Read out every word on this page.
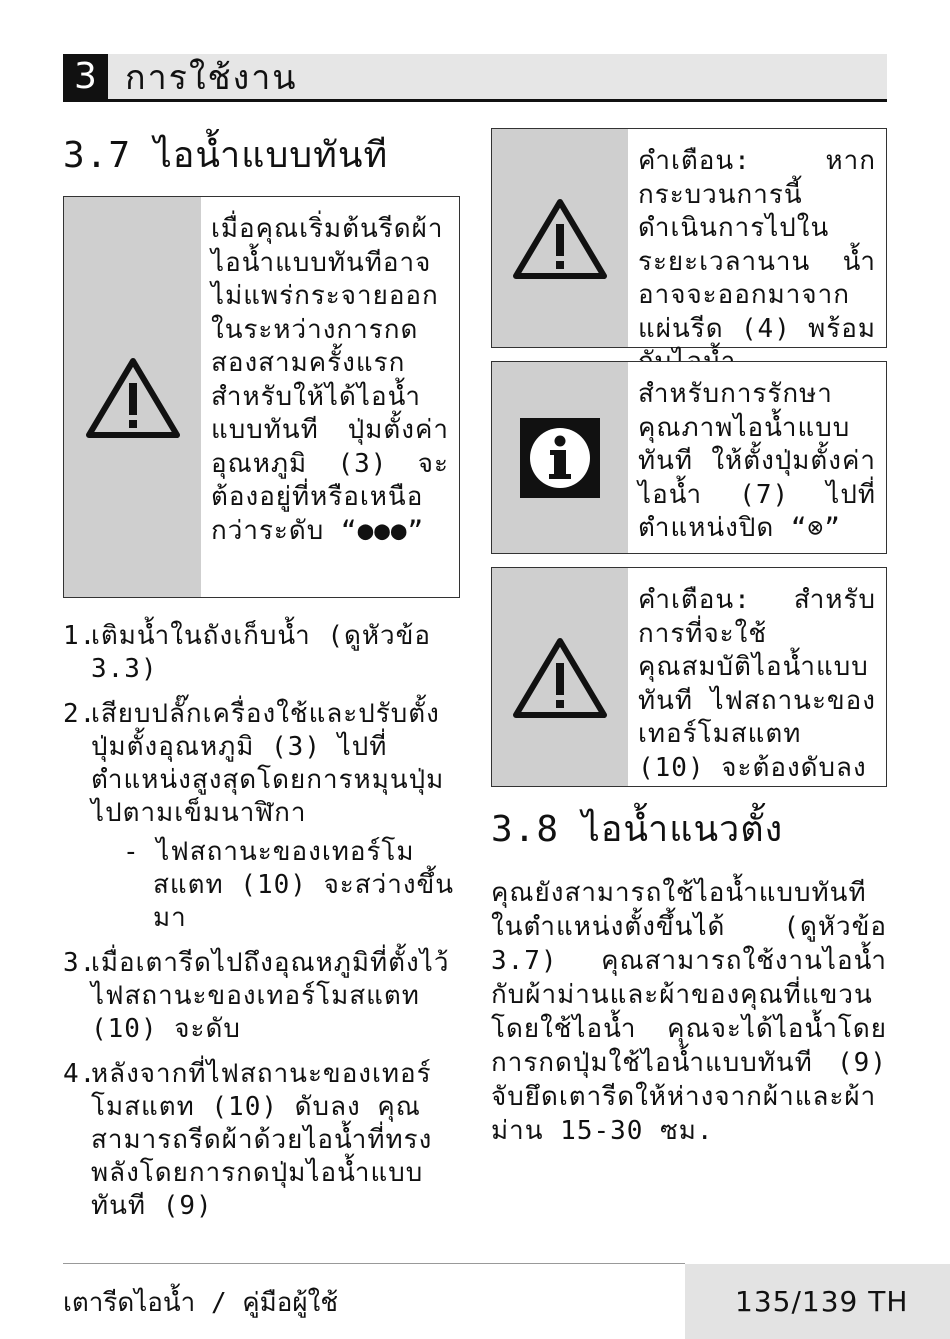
3 การใช้งาน
3.7 ไอน้ำแบบทันที
เมื่อคุณเริ่มต้นรีดผ้า ไอน้ำแบบทันทีอาจไม่แพร่กระจายออกในระหว่างการกดสองสามครั้งแรก สำหรับให้ได้ไอน้ำแบบทันที ปุ่มตั้งค่าอุณหภูมิ (3) จะต้องอยู่ที่หรือเหนือกว่าระดับ “●●●”
1.
เติมน้ำในถังเก็บน้ำ (ดูหัวข้อ 3.3)
2.
เสียบปลั๊กเครื่องใช้และปรับตั้งปุ่มตั้งอุณหภูมิ (3) ไปที่ตำแหน่งสูงสุดโดยการหมุนปุ่มไปตามเข็มนาฬิกา
- ไฟสถานะของเทอร์โมสแตท (10) จะสว่างขึ้นมา
3.
เมื่อเตารีดไปถึงอุณหภูมิที่ตั้งไว้ ไฟสถานะของเทอร์โมสแตท (10) จะดับ
4.
หลังจากที่ไฟสถานะของเทอร์โมสแตท (10) ดับลง คุณสามารถรีดผ้าด้วยไอน้ำที่ทรงพลังโดยการกดปุ่มไอน้ำแบบทันที (9)
คำเตือน: หากกระบวนการนี้ดำเนินการไปในระยะเวลานาน น้ำอาจจะออกมาจากแผ่นรีด (4) พร้อม
สำหรับการรักษาคุณภาพไอน้ำแบบทันที ให้ตั้งปุ่มตั้งค่าไอน้ำ (7) ไปที่ตำแหน่งปิด “⊗”
คำเตือน: สำหรับการที่จะใช้คุณสมบัติไอน้ำแบบทันที ไฟสถานะของเทอร์โมสแตท (10) จะต้องดับลง
3.8 ไอน้ำแนวตั้ง
คุณยังสามารถใช้ไอน้ำแบบทันทีในตำแหน่งตั้งขึ้นได้ (ดูหัวข้อ 3.7) คุณสามารถใช้งานไอน้ำกับผ้าม่านและผ้าของคุณที่แขวนโดยใช้ไอน้ำ คุณจะได้ไอน้ำโดยการกดปุ่มใช้ไอน้ำแบบทันที (9) จับยึดเตารีดให้ห่างจากผ้าและผ้าม่าน 15-30 ซม.
เตารีดไอน้ำ / คู่มือผู้ใช้	135/139 TH
